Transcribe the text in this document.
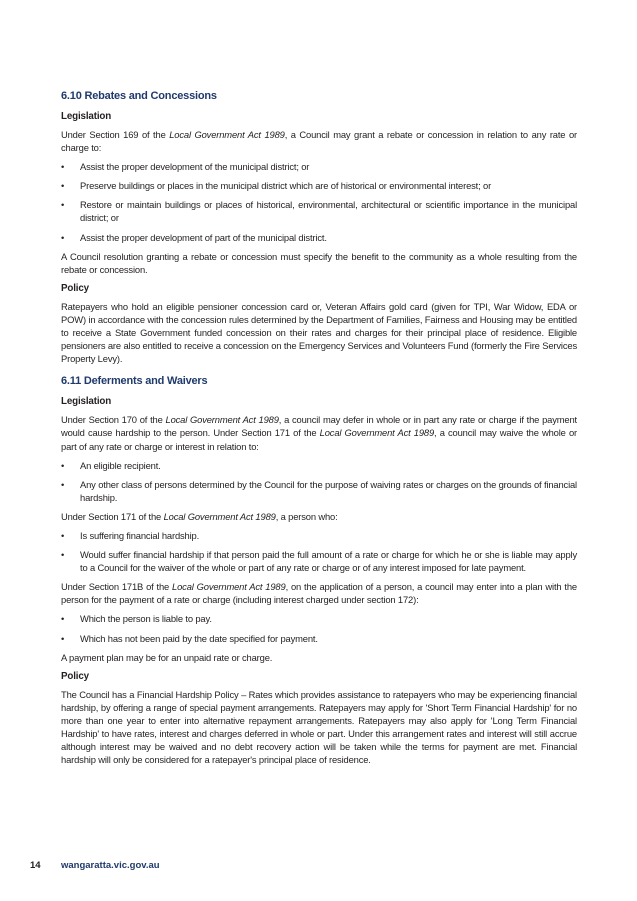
6.10 Rebates and Concessions
Legislation

Under Section 169 of the Local Government Act 1989, a Council may grant a rebate or concession in relation to any rate or charge to:

• Assist the proper development of the municipal district; or
• Preserve buildings or places in the municipal district which are of historical or environmental interest; or
• Restore or maintain buildings or places of historical, environmental, architectural or scientific importance in the municipal district; or
• Assist the proper development of part of the municipal district.

A Council resolution granting a rebate or concession must specify the benefit to the community as a whole resulting from the rebate or concession.

Policy

Ratepayers who hold an eligible pensioner concession card or, Veteran Affairs gold card (given for TPI, War Widow, EDA or POW) in accordance with the concession rules determined by the Department of Families, Fairness and Housing may be entitled to receive a State Government funded concession on their rates and charges for their principal place of residence. Eligible pensioners are also entitled to receive a concession on the Emergency Services and Volunteers Fund (formerly the Fire Services Property Levy).

6.11 Deferments and Waivers
Legislation

Under Section 170 of the Local Government Act 1989, a council may defer in whole or in part any rate or charge if the payment would cause hardship to the person. Under Section 171 of the Local Government Act 1989, a council may waive the whole or part of any rate or charge or interest in relation to:

• An eligible recipient.
• Any other class of persons determined by the Council for the purpose of waiving rates or charges on the grounds of financial hardship.

Under Section 171 of the Local Government Act 1989, a person who:

• Is suffering financial hardship.
• Would suffer financial hardship if that person paid the full amount of a rate or charge for which he or she is liable may apply to a Council for the waiver of the whole or part of any rate or charge or of any interest imposed for late payment.

Under Section 171B of the Local Government Act 1989, on the application of a person, a council may enter into a plan with the person for the payment of a rate or charge (including interest charged under section 172):

• Which the person is liable to pay.
• Which has not been paid by the date specified for payment.

A payment plan may be for an unpaid rate or charge.

Policy

The Council has a Financial Hardship Policy – Rates which provides assistance to ratepayers who may be experiencing financial hardship, by offering a range of special payment arrangements. Ratepayers may apply for 'Short Term Financial Hardship' for no more than one year to enter into alternative repayment arrangements. Ratepayers may also apply for 'Long Term Financial Hardship' to have rates, interest and charges deferred in whole or part. Under this arrangement rates and interest will still accrue although interest may be waived and no debt recovery action will be taken while the terms for payment are met. Financial hardship will only be considered for a ratepayer's principal place of residence.

14 wangaratta.vic.gov.au
